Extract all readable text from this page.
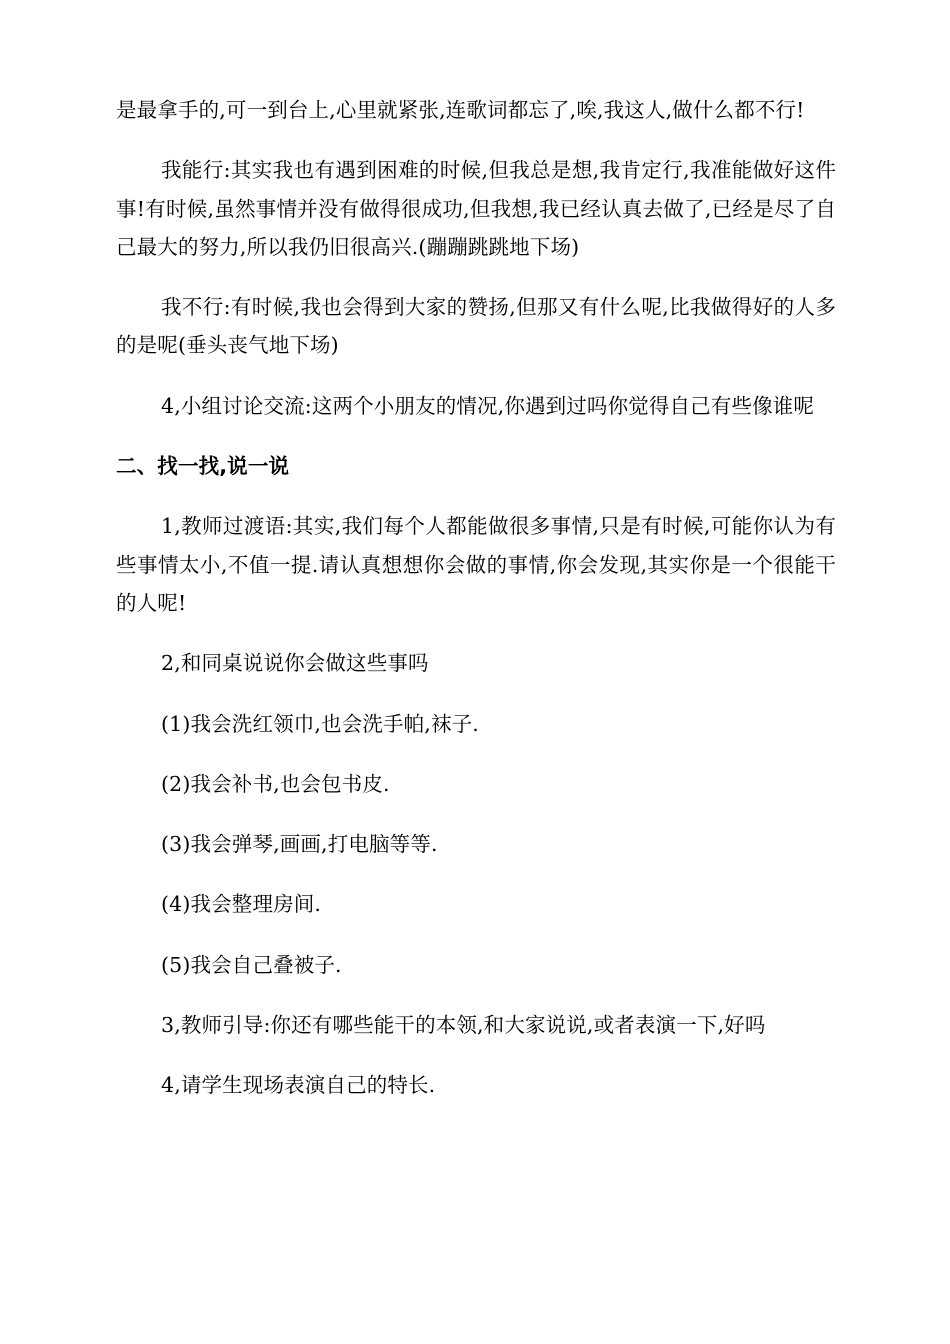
是最拿手的,可一到台上,心里就紧张,连歌词都忘了,唉,我这人,做什么都不行!

我能行:其实我也有遇到困难的时候,但我总是想,我肯定行,我准能做好这件事!有时候,虽然事情并没有做得很成功,但我想,我已经认真去做了,已经是尽了自己最大的努力,所以我仍旧很高兴.(蹦蹦跳跳地下场)

我不行:有时候,我也会得到大家的赞扬,但那又有什么呢,比我做得好的人多的是呢(垂头丧气地下场)

4,小组讨论交流:这两个小朋友的情况,你遇到过吗你觉得自己有些像谁呢

二、找一找,说一说

1,教师过渡语:其实,我们每个人都能做很多事情,只是有时候,可能你认为有些事情太小,不值一提.请认真想想你会做的事情,你会发现,其实你是一个很能干的人呢!

2,和同桌说说你会做这些事吗

(1)我会洗红领巾,也会洗手帕,袜子.

(2)我会补书,也会包书皮.

(3)我会弹琴,画画,打电脑等等.

(4)我会整理房间.

(5)我会自己叠被子.

3,教师引导:你还有哪些能干的本领,和大家说说,或者表演一下,好吗

4,请学生现场表演自己的特长.
